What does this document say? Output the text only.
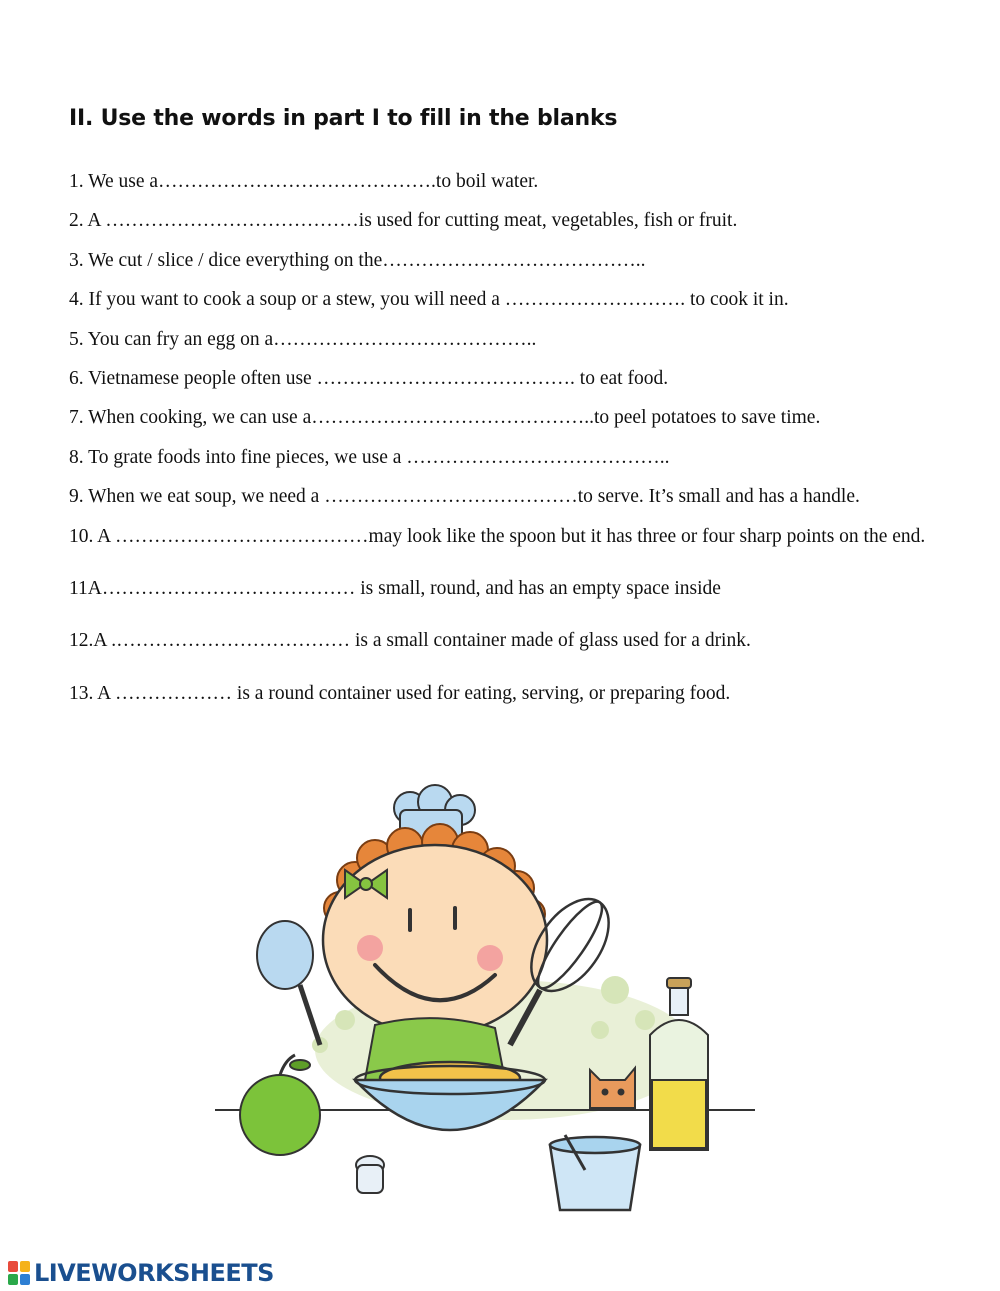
II. Use the words in part I to fill in the blanks

1. We use a…………………………………….to boil water.

2. A …………………………………is used for cutting meat, vegetables, fish or fruit.

3. We cut / slice / dice everything on the…………………………………..

4. If you want to cook a soup or a stew, you will need a ………………………. to cook it in.

5. You can fry an egg on a…………………………………..

6. Vietnamese people often use …………………………………. to eat food.

7. When cooking, we can use a……………………………………..to peel potatoes to save time.

8. To grate foods into fine pieces, we use a …………………………………..

9. When we eat soup, we need a …………………………………to serve. It’s small and has a handle.

10. A …………………………………may look like the spoon but it has three or four sharp points on the end.

11A………………………………… is small, round, and has an empty space inside

12.A .……………………………… is a small container made of glass used for a drink.

13. A ……………… is a round container used for eating, serving, or preparing food.

LIVEWORKSHEETS
